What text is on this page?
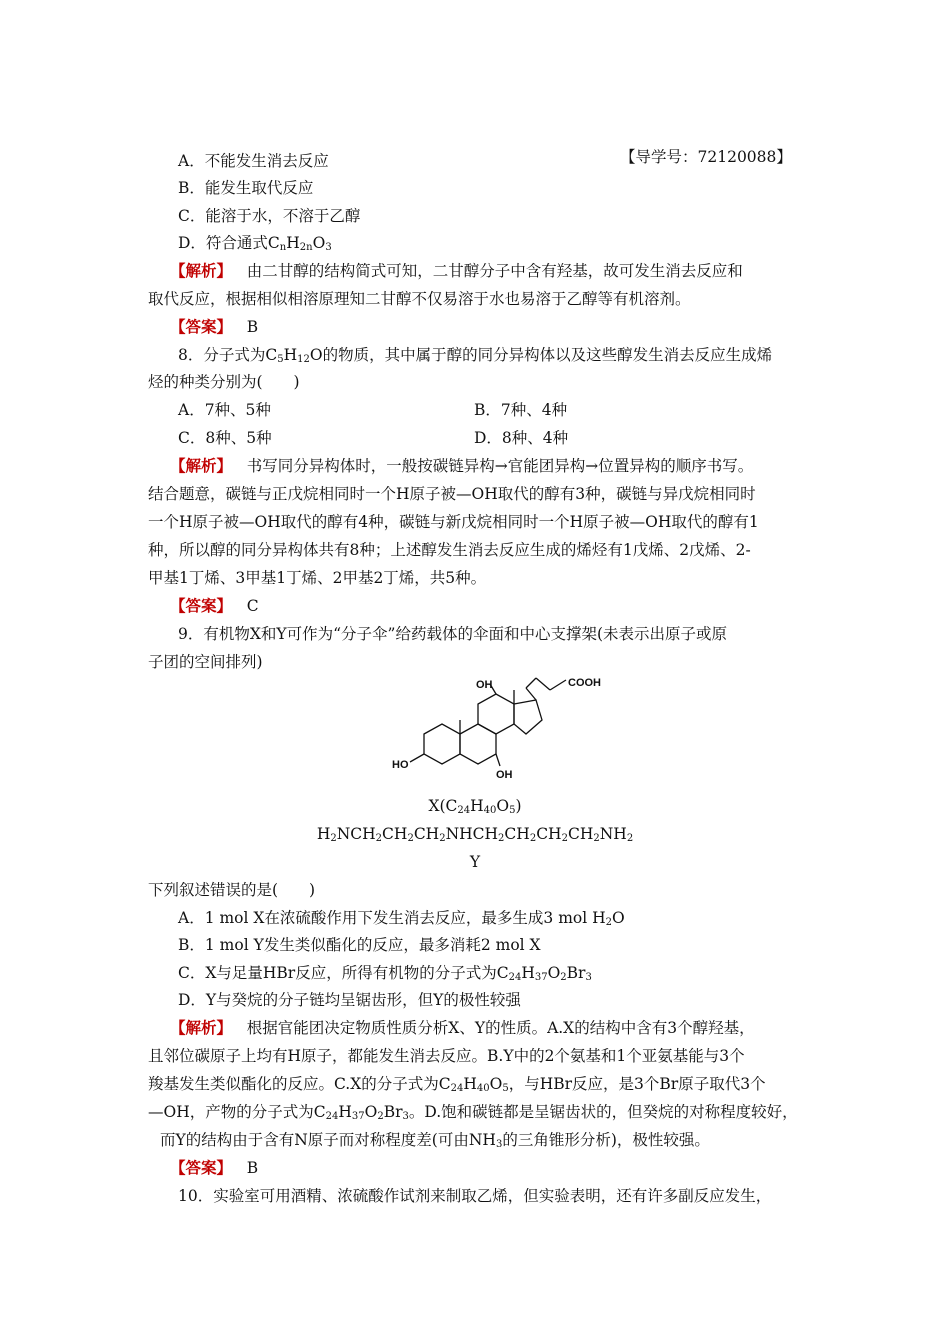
【导学号：72120088】
A．不能发生消去反应
B．能发生取代反应
C．能溶于水，不溶于乙醇
D．符合通式$C_nH_{2n}O_3$
【解析】 由二甘醇的结构简式可知，二甘醇分子中含有羟基，故可发生消去反应和
取代反应，根据相似相溶原理知二甘醇不仅易溶于水也易溶于乙醇等有机溶剂。
【答案】 B
8．分子式为$C_5H_{12}O$的物质，其中属于醇的同分异构体以及这些醇发生消去反应生成烯
烃的种类分别为(　　)
A．7种、5种	B．7种、4种
C．8种、5种	D．8种、4种
【解析】 书写同分异构体时，一般按碳链异构→官能团异构→位置异构的顺序书写。
结合题意，碳链与正戊烷相同时一个H原子被—OH取代的醇有3种，碳链与异戊烷相同时
一个H原子被—OH取代的醇有4种，碳链与新戊烷相同时一个H原子被—OH取代的醇有1
种，所以醇的同分异构体共有8种；上述醇发生消去反应生成的烯烃有1戊烯、2戊烯、2-
甲基1丁烯、3甲基1丁烯、2甲基2丁烯，共5种。
【答案】 C
9．有机物X和Y可作为“分子伞”给药载体的伞面和中心支撑架(未表示出原子或原
子团的空间排列)
OH	COOH
HO
OH
$X(C_{24}H_{40}O_5)$
$H_2NCH_2CH_2CH_2NHCH_2CH_2CH_2CH_2NH_2$
Y
下列叙述错误的是(　　)
A．1 mol X在浓硫酸作用下发生消去反应，最多生成3 mol $H_2O$
B．1 mol Y发生类似酯化的反应，最多消耗2 mol X
C．X与足量HBr反应，所得有机物的分子式为$C_{24}H_{37}O_2Br_3$
D．Y与癸烷的分子链均呈锯齿形，但Y的极性较强
【解析】 根据官能团决定物质性质分析X、Y的性质。A.X的结构中含有3个醇羟基，
且邻位碳原子上均有H原子，都能发生消去反应。B.Y中的2个氨基和1个亚氨基能与3个
羧基发生类似酯化的反应。C.X的分子式为$C_{24}H_{40}O_5$，与HBr反应，是3个Br原子取代3个
—OH，产物的分子式为$C_{24}H_{37}O_2Br_3$。D.饱和碳链都是呈锯齿状的，但癸烷的对称程度较好，
而Y的结构由于含有N原子而对称程度差(可由$NH_3$的三角锥形分析)，极性较强。
【答案】 B
10．实验室可用酒精、浓硫酸作试剂来制取乙烯，但实验表明，还有许多副反应发生，
